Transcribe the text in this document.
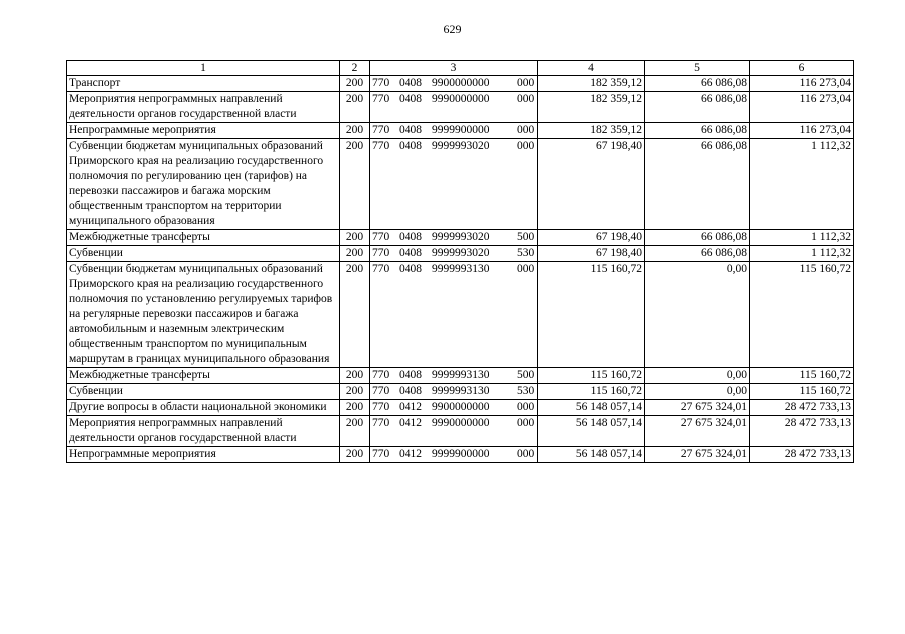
629
1	2	3	4	5	6
Транспорт	200	770 0408 9900000000 000	182 359,12	66 086,08	116 273,04
Мероприятия непрограммных направлений деятельности органов государственной власти	200	770 0408 9990000000 000	182 359,12	66 086,08	116 273,04
Непрограммные мероприятия	200	770 0408 9999900000 000	182 359,12	66 086,08	116 273,04
Субвенции бюджетам муниципальных образований Приморского края на реализацию государственного полномочия по регулированию цен (тарифов) на перевозки пассажиров и багажа морским общественным транспортом на территории муниципального образования	200	770 0408 9999993020 000	67 198,40	66 086,08	1 112,32
Межбюджетные трансферты	200	770 0408 9999993020 500	67 198,40	66 086,08	1 112,32
Субвенции	200	770 0408 9999993020 530	67 198,40	66 086,08	1 112,32
Субвенции бюджетам муниципальных образований Приморского края на реализацию государственного полномочия по установлению регулируемых тарифов на регулярные перевозки пассажиров и багажа автомобильным и наземным электрическим общественным транспортом по муниципальным маршрутам в границах муниципального образования	200	770 0408 9999993130 000	115 160,72	0,00	115 160,72
Межбюджетные трансферты	200	770 0408 9999993130 500	115 160,72	0,00	115 160,72
Субвенции	200	770 0408 9999993130 530	115 160,72	0,00	115 160,72
Другие вопросы в области национальной экономики	200	770 0412 9900000000 000	56 148 057,14	27 675 324,01	28 472 733,13
Мероприятия непрограммных направлений деятельности органов государственной власти	200	770 0412 9990000000 000	56 148 057,14	27 675 324,01	28 472 733,13
Непрограммные мероприятия	200	770 0412 9999900000 000	56 148 057,14	27 675 324,01	28 472 733,13
